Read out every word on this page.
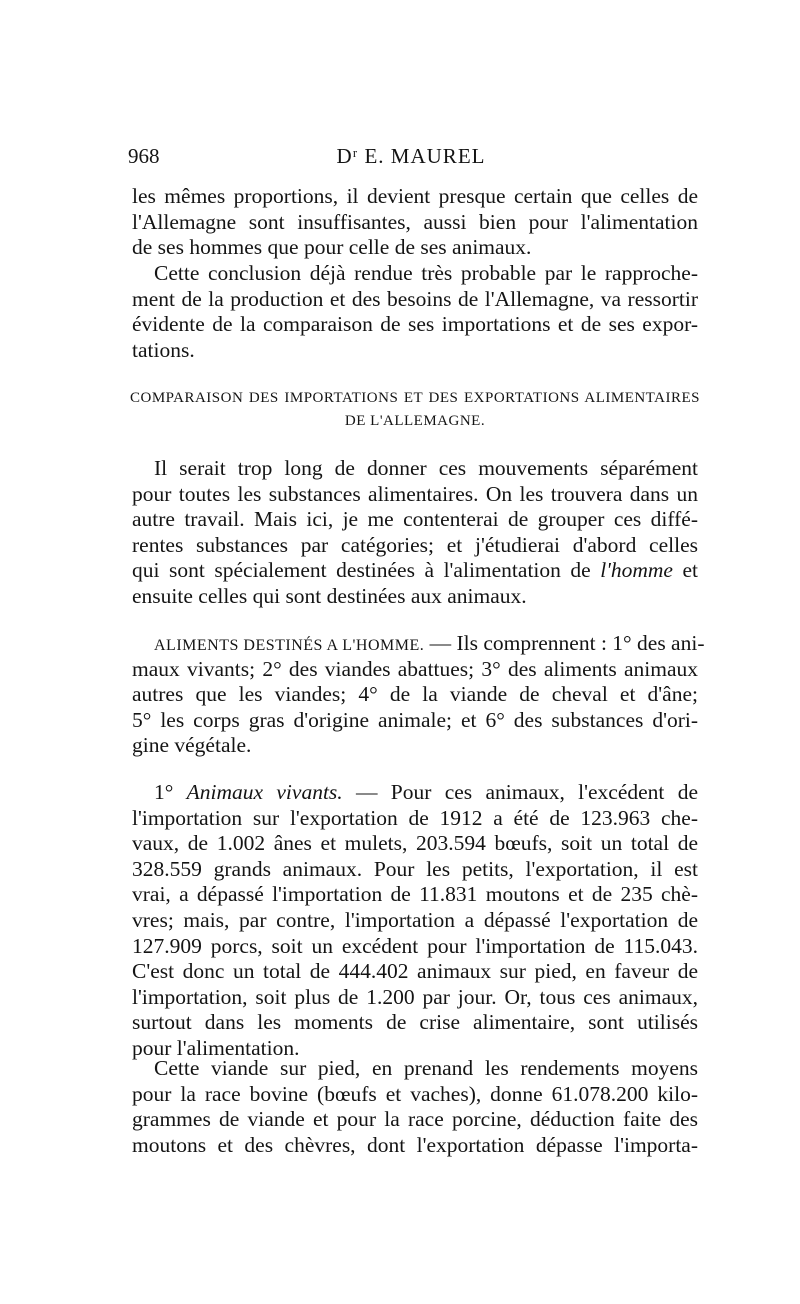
968	Dʳ E. MAUREL
les mêmes proportions, il devient presque certain que celles de
l'Allemagne sont insuffisantes, aussi bien pour l'alimentation
de ses hommes que pour celle de ses animaux.
Cette conclusion déjà rendue très probable par le rapproche-
ment de la production et des besoins de l'Allemagne, va ressortir
évidente de la comparaison de ses importations et de ses expor-
tations.
COMPARAISON DES IMPORTATIONS ET DES EXPORTATIONS ALIMENTAIRES
DE L'ALLEMAGNE.
Il serait trop long de donner ces mouvements séparément
pour toutes les substances alimentaires. On les trouvera dans un
autre travail. Mais ici, je me contenterai de grouper ces diffé-
rentes substances par catégories; et j'étudierai d'abord celles
qui sont spécialement destinées à l'alimentation de l'homme et
ensuite celles qui sont destinées aux animaux.
ALIMENTS DESTINÉS A L'HOMME. — Ils comprennent : 1° des ani-
maux vivants; 2° des viandes abattues; 3° des aliments animaux
autres que les viandes; 4° de la viande de cheval et d'âne;
5° les corps gras d'origine animale; et 6° des substances d'ori-
gine végétale.
1° Animaux vivants. — Pour ces animaux, l'excédent de
l'importation sur l'exportation de 1912 a été de 123.963 che-
vaux, de 1.002 ânes et mulets, 203.594 bœufs, soit un total de
328.559 grands animaux. Pour les petits, l'exportation, il est
vrai, a dépassé l'importation de 11.831 moutons et de 235 chè-
vres; mais, par contre, l'importation a dépassé l'exportation de
127.909 porcs, soit un excédent pour l'importation de 115.043.
C'est donc un total de 444.402 animaux sur pied, en faveur de
l'importation, soit plus de 1.200 par jour. Or, tous ces animaux,
surtout dans les moments de crise alimentaire, sont utilisés
pour l'alimentation.
Cette viande sur pied, en prenand les rendements moyens
pour la race bovine (bœufs et vaches), donne 61.078.200 kilo-
grammes de viande et pour la race porcine, déduction faite des
moutons et des chèvres, dont l'exportation dépasse l'importa-
